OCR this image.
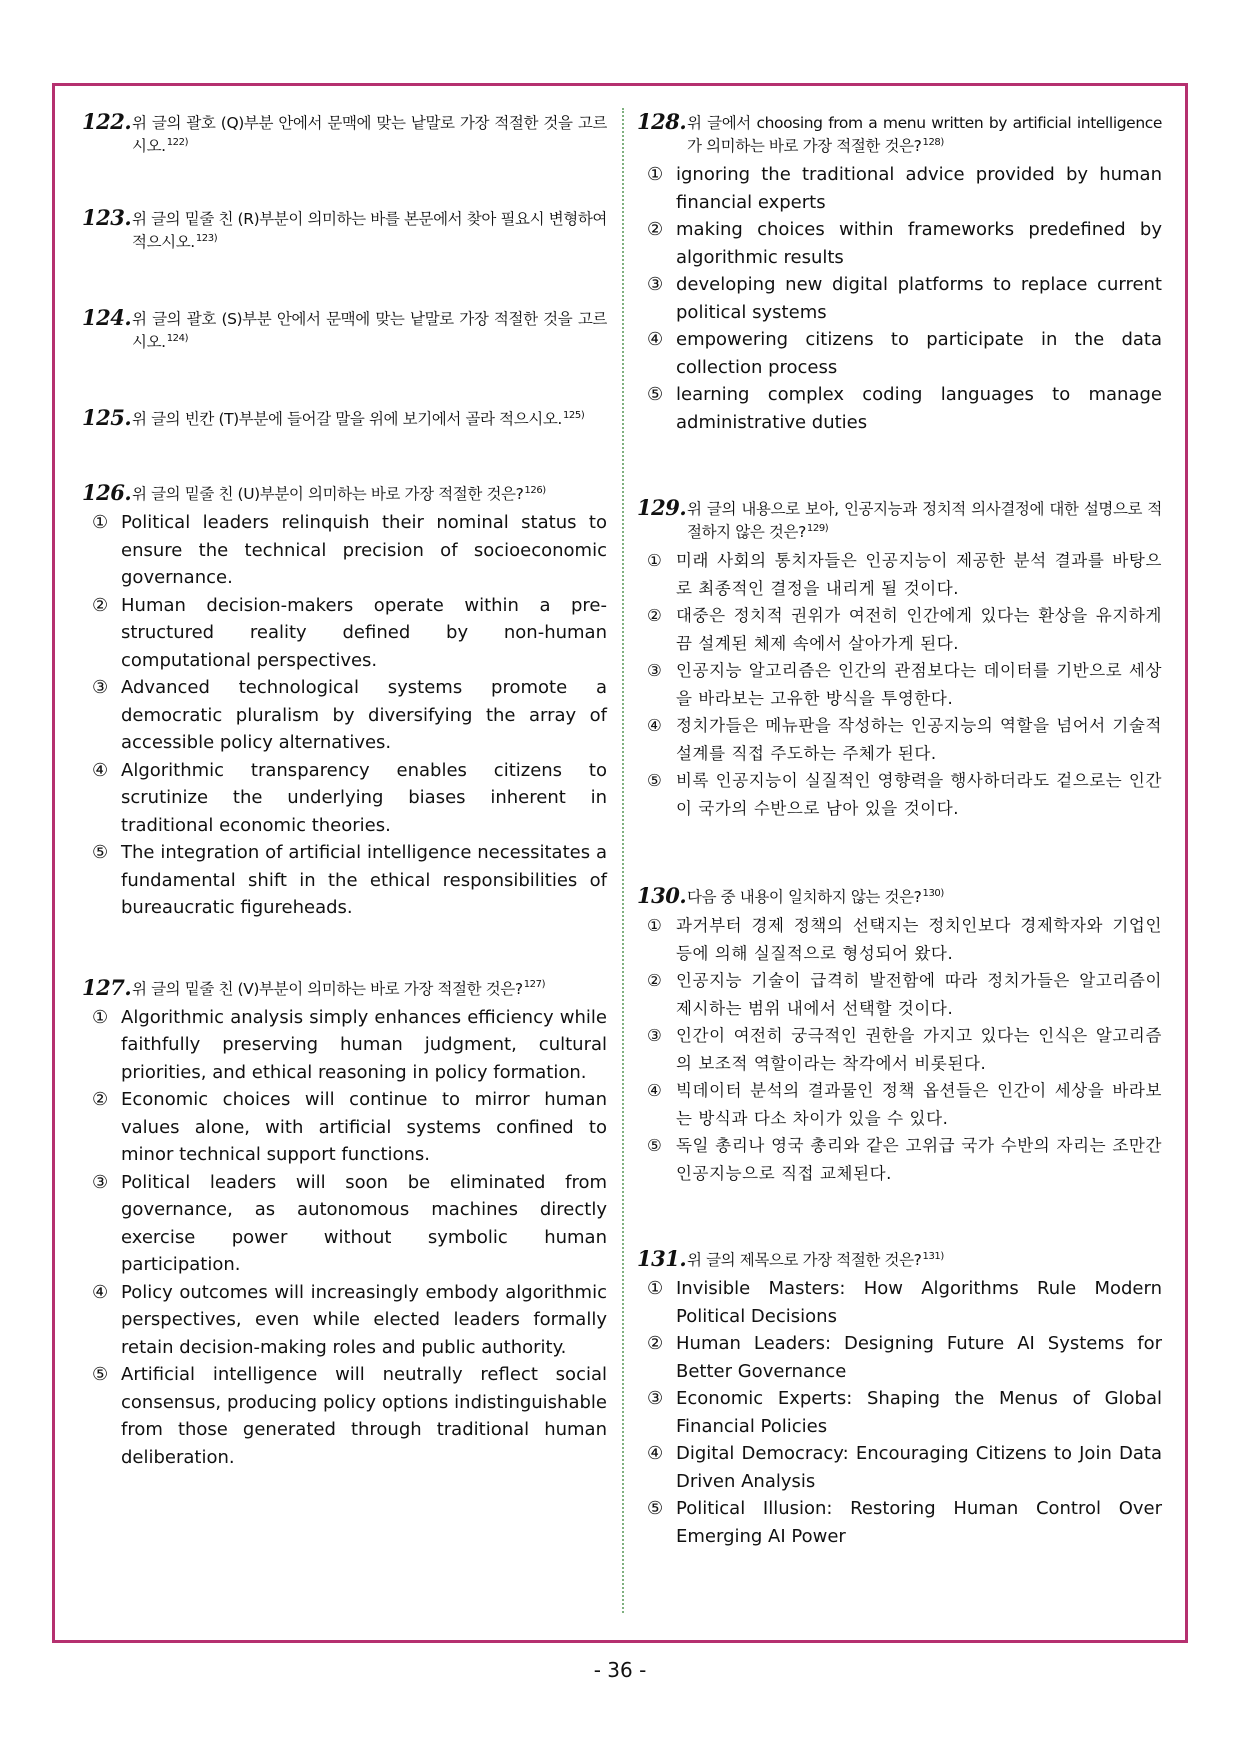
122. 위 글의 괄호 (Q)부분 안에서 문맥에 맞는 낱말로 가장 적절한 것을 고르시오.$^{122)}$
123. 위 글의 밑줄 친 (R)부분이 의미하는 바를 본문에서 찾아 필요시 변형하여 적으시오.$^{123)}$
124. 위 글의 괄호 (S)부분 안에서 문맥에 맞는 낱말로 가장 적절한 것을 고르시오.$^{124)}$
125. 위 글의 빈칸 (T)부분에 들어갈 말을 위에 보기에서 골라 적으시오.$^{125)}$
126. 위 글의 밑줄 친 (U)부분이 의미하는 바로 가장 적절한 것은?$^{126)}$
① Political leaders relinquish their nominal status to ensure the technical precision of socioeconomic governance.
② Human decision-makers operate within a pre-structured reality defined by non-human computational perspectives.
③ Advanced technological systems promote a democratic pluralism by diversifying the array of accessible policy alternatives.
④ Algorithmic transparency enables citizens to scrutinize the underlying biases inherent in traditional economic theories.
⑤ The integration of artificial intelligence necessitates a fundamental shift in the ethical responsibilities of bureaucratic figureheads.
127. 위 글의 밑줄 친 (V)부분이 의미하는 바로 가장 적절한 것은?$^{127)}$
① Algorithmic analysis simply enhances efficiency while faithfully preserving human judgment, cultural priorities, and ethical reasoning in policy formation.
② Economic choices will continue to mirror human values alone, with artificial systems confined to minor technical support functions.
③ Political leaders will soon be eliminated from governance, as autonomous machines directly exercise power without symbolic human participation.
④ Policy outcomes will increasingly embody algorithmic perspectives, even while elected leaders formally retain decision-making roles and public authority.
⑤ Artificial intelligence will neutrally reflect social consensus, producing policy options indistinguishable from those generated through traditional human deliberation.
128. 위 글에서 choosing from a menu written by artificial intelligence 가 의미하는 바로 가장 적절한 것은?$^{128)}$
① ignoring the traditional advice provided by human financial experts
② making choices within frameworks predefined by algorithmic results
③ developing new digital platforms to replace current political systems
④ empowering citizens to participate in the data collection process
⑤ learning complex coding languages to manage administrative duties
129. 위 글의 내용으로 보아, 인공지능과 정치적 의사결정에 대한 설명으로 적절하지 않은 것은?$^{129)}$
① 미래 사회의 통치자들은 인공지능이 제공한 분석 결과를 바탕으로 최종적인 결정을 내리게 될 것이다.
② 대중은 정치적 권위가 여전히 인간에게 있다는 환상을 유지하게끔 설계된 체제 속에서 살아가게 된다.
③ 인공지능 알고리즘은 인간의 관점보다는 데이터를 기반으로 세상을 바라보는 고유한 방식을 투영한다.
④ 정치가들은 메뉴판을 작성하는 인공지능의 역할을 넘어서 기술적 설계를 직접 주도하는 주체가 된다.
⑤ 비록 인공지능이 실질적인 영향력을 행사하더라도 겉으로는 인간이 국가의 수반으로 남아 있을 것이다.
130. 다음 중 내용이 일치하지 않는 것은?$^{130)}$
① 과거부터 경제 정책의 선택지는 정치인보다 경제학자와 기업인 등에 의해 실질적으로 형성되어 왔다.
② 인공지능 기술이 급격히 발전함에 따라 정치가들은 알고리즘이 제시하는 범위 내에서 선택할 것이다.
③ 인간이 여전히 궁극적인 권한을 가지고 있다는 인식은 알고리즘의 보조적 역할이라는 착각에서 비롯된다.
④ 빅데이터 분석의 결과물인 정책 옵션들은 인간이 세상을 바라보는 방식과 다소 차이가 있을 수 있다.
⑤ 독일 총리나 영국 총리와 같은 고위급 국가 수반의 자리는 조만간 인공지능으로 직접 교체된다.
131. 위 글의 제목으로 가장 적절한 것은?$^{131)}$
① Invisible Masters: How Algorithms Rule Modern Political Decisions
② Human Leaders: Designing Future AI Systems for Better Governance
③ Economic Experts: Shaping the Menus of Global Financial Policies
④ Digital Democracy: Encouraging Citizens to Join Data Driven Analysis
⑤ Political Illusion: Restoring Human Control Over Emerging AI Power
- 36 -
